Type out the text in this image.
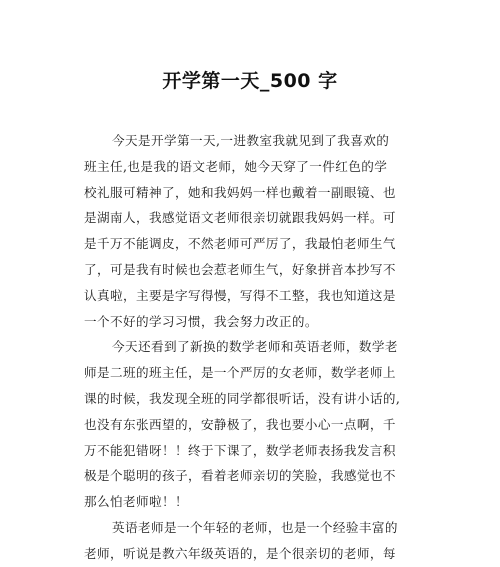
开学第一天_500 字
今天是开学第一天,一进教室我就见到了我喜欢的
班主任,也是我的语文老师，她今天穿了一件红色的学
校礼服可精神了，她和我妈妈一样也戴着一副眼镜、也
是湖南人，我感觉语文老师很亲切就跟我妈妈一样。可
是千万不能调皮，不然老师可严厉了，我最怕老师生气
了，可是我有时候也会惹老师生气，好象拼音本抄写不
认真啦，主要是字写得慢，写得不工整，我也知道这是
一个不好的学习习惯，我会努力改正的。
今天还看到了新换的数学老师和英语老师，数学老
师是二班的班主任，是一个严厉的女老师，数学老师上
课的时候，我发现全班的同学都很听话，没有讲小话的,
也没有东张西望的，安静极了，我也要小心一点啊，千
万不能犯错呀！！终于下课了，数学老师表扬我发言积
极是个聪明的孩子，看着老师亲切的笑脸，我感觉也不
那么怕老师啦！！
英语老师是一个年轻的老师，也是一个经验丰富的
老师，听说是教六年级英语的，是个很亲切的老师，每
